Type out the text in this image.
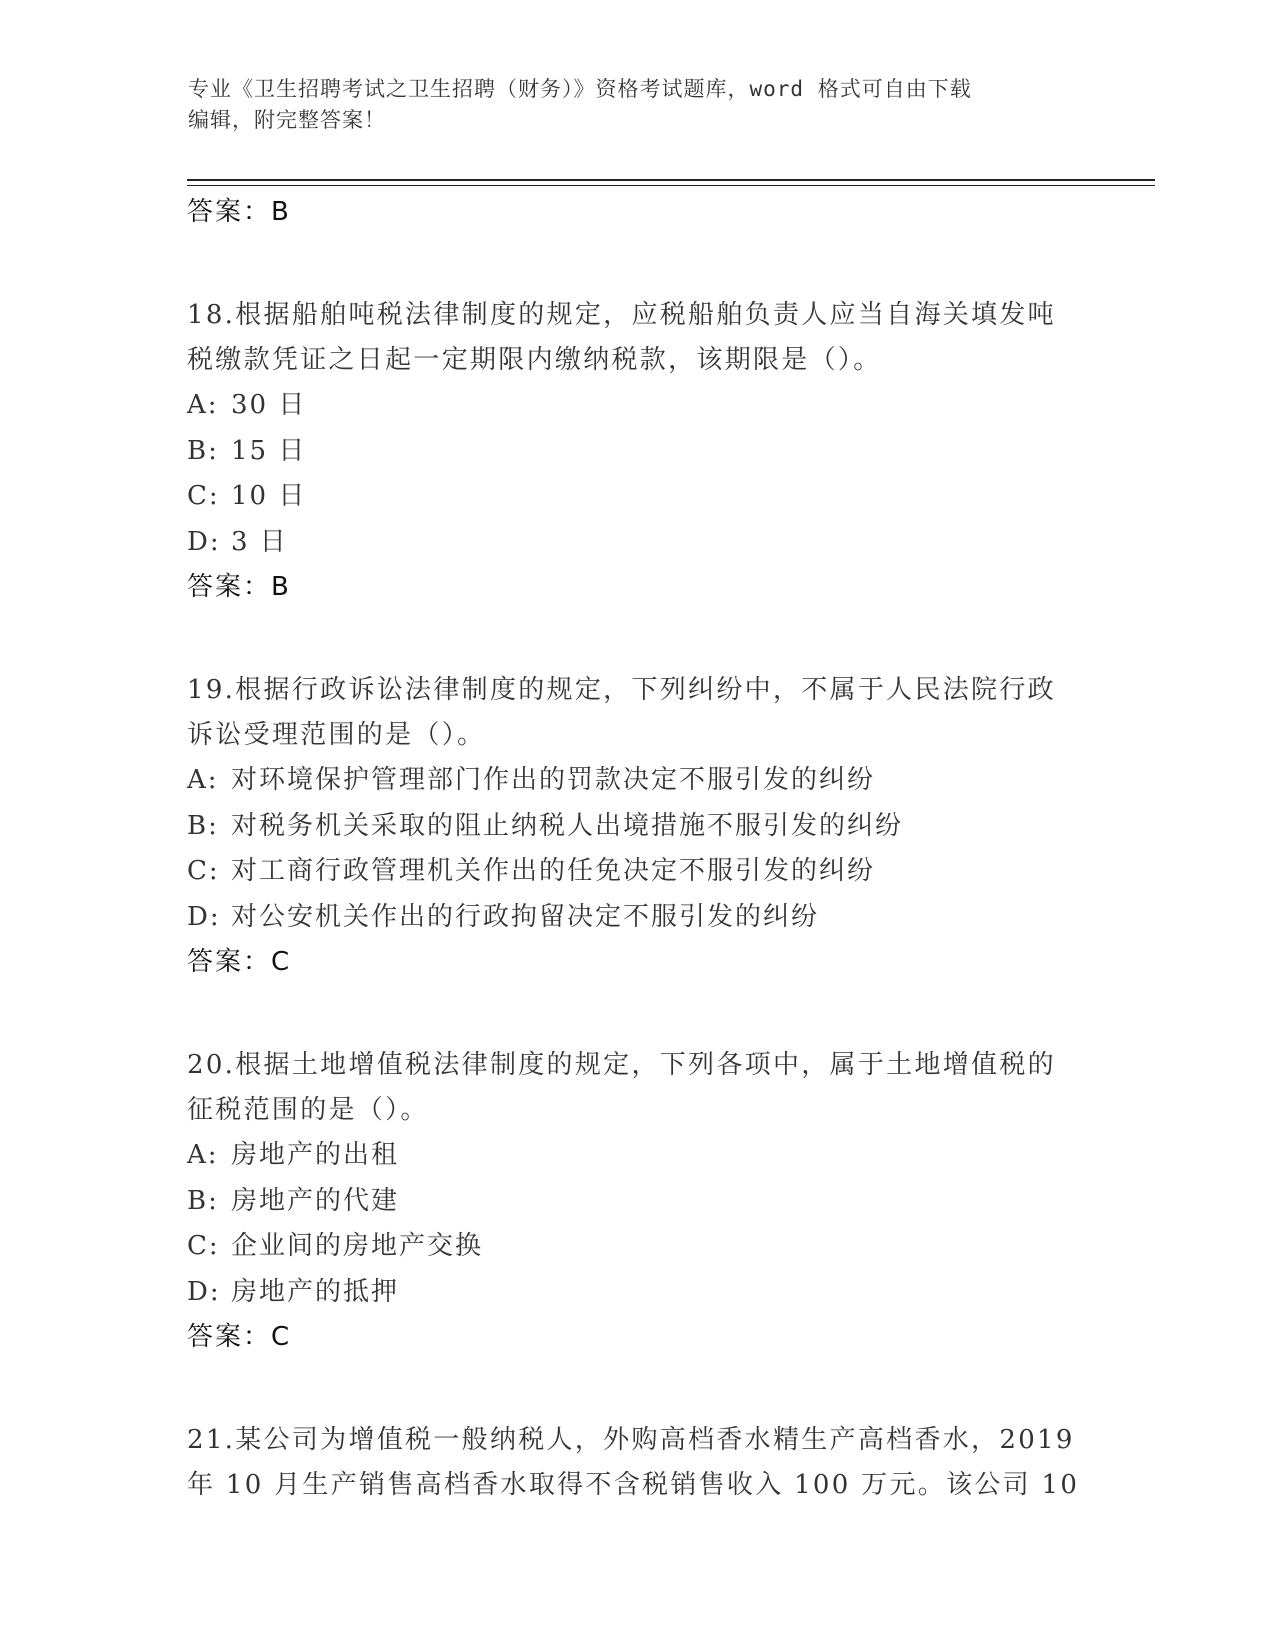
专业《卫生招聘考试之卫生招聘（财务）》资格考试题库，word 格式可自由下载
编辑，附完整答案！
答案：B
18.根据船舶吨税法律制度的规定，应税船舶负责人应当自海关填发吨
税缴款凭证之日起一定期限内缴纳税款，该期限是（）。
A: 30 日
B: 15 日
C: 10 日
D: 3 日
答案：B
19.根据行政诉讼法律制度的规定，下列纠纷中，不属于人民法院行政
诉讼受理范围的是（）。
A: 对环境保护管理部门作出的罚款决定不服引发的纠纷
B: 对税务机关采取的阻止纳税人出境措施不服引发的纠纷
C: 对工商行政管理机关作出的任免决定不服引发的纠纷
D: 对公安机关作出的行政拘留决定不服引发的纠纷
答案：C
20.根据土地增值税法律制度的规定，下列各项中，属于土地增值税的
征税范围的是（）。
A: 房地产的出租
B: 房地产的代建
C: 企业间的房地产交换
D: 房地产的抵押
答案：C
21.某公司为增值税一般纳税人，外购高档香水精生产高档香水，2019
年 10 月生产销售高档香水取得不含税销售收入 100 万元。该公司 10
